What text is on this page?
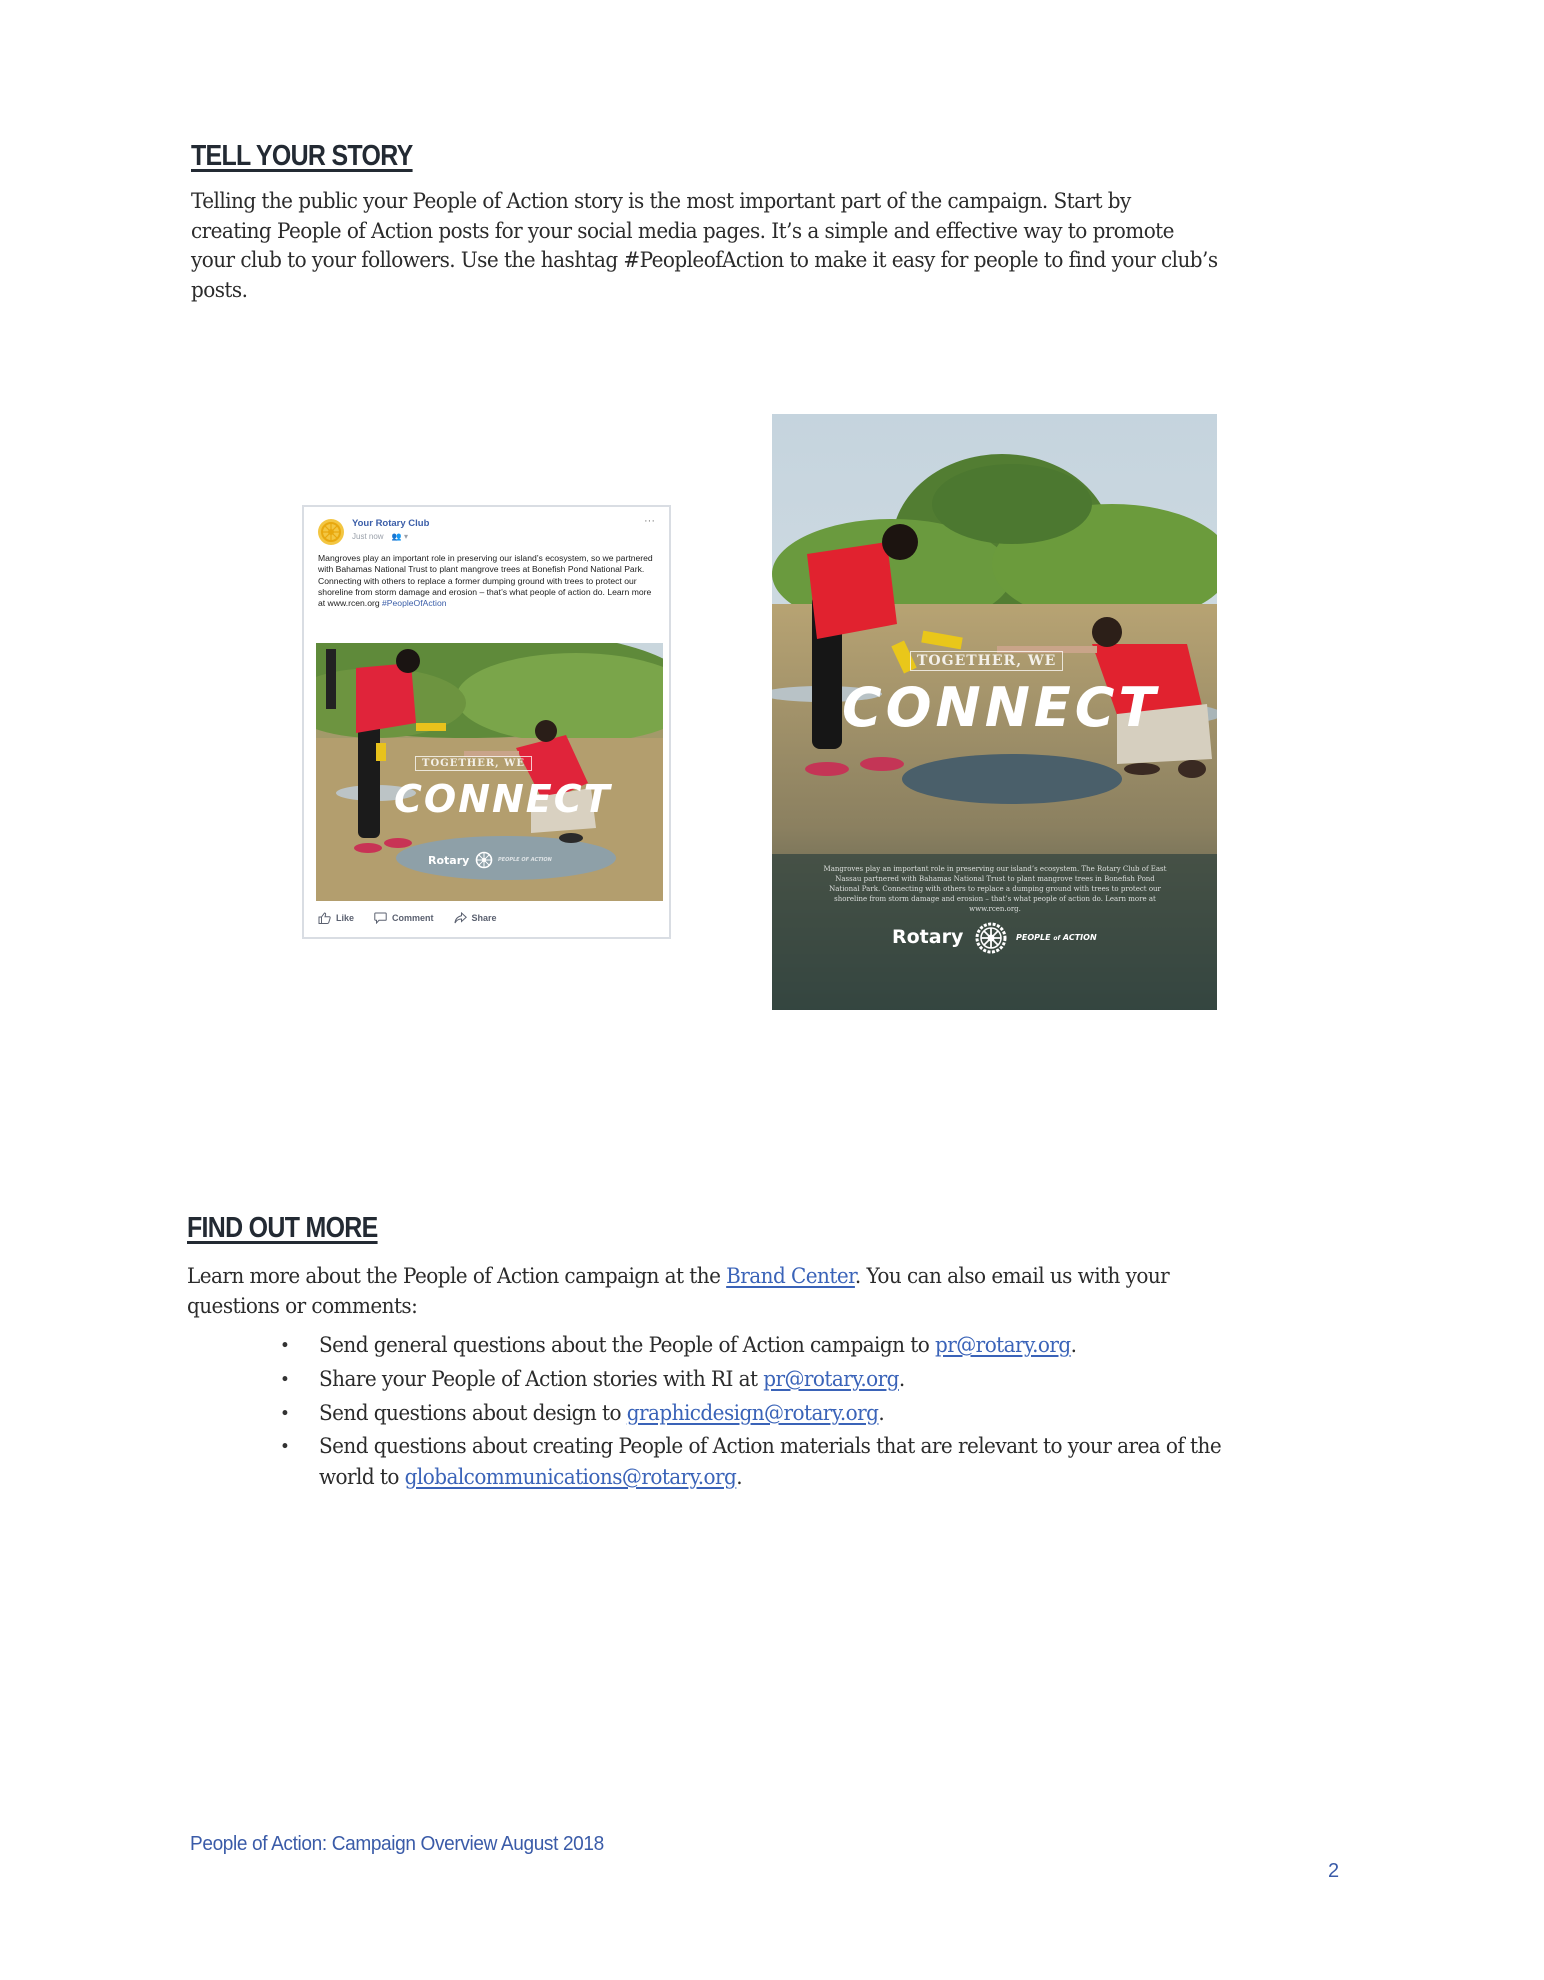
TELL YOUR STORY
Telling the public your People of Action story is the most important part of the campaign. Start by
creating People of Action posts for your social media pages. It’s a simple and effective way to promote
your club to your followers. Use the hashtag #PeopleofAction to make it easy for people to find your club’s
posts.
Your Rotary Club
Just now 👥 ▾
···
Mangroves play an important role in preserving our island’s ecosystem, so we partnered with Bahamas National Trust to plant mangrove trees at Bonefish Pond National Park. Connecting with others to replace a former dumping ground with trees to protect our shoreline from storm damage and erosion – that’s what people of action do. Learn more at www.rcen.org #PeopleOfAction
TOGETHER, WE
CONNECT
Rotary	PEOPLE OF ACTION
Like	Comment	Share
TOGETHER, WE
CONNECT
Mangroves play an important role in preserving our island’s ecosystem. The Rotary Club of East Nassau partnered with Bahamas National Trust to plant mangrove trees in Bonefish Pond National Park. Connecting with others to replace a dumping ground with trees to protect our shoreline from storm damage and erosion – that’s what people of action do. Learn more at www.rcen.org.
Rotary	PEOPLE of ACTION
FIND OUT MORE
Learn more about the People of Action campaign at the Brand Center. You can also email us with your
questions or comments:
• Send general questions about the People of Action campaign to pr@rotary.org.
• Share your People of Action stories with RI at pr@rotary.org.
• Send questions about design to graphicdesign@rotary.org.
• Send questions about creating People of Action materials that are relevant to your area of the
world to globalcommunications@rotary.org.
People of Action: Campaign Overview August 2018
2
